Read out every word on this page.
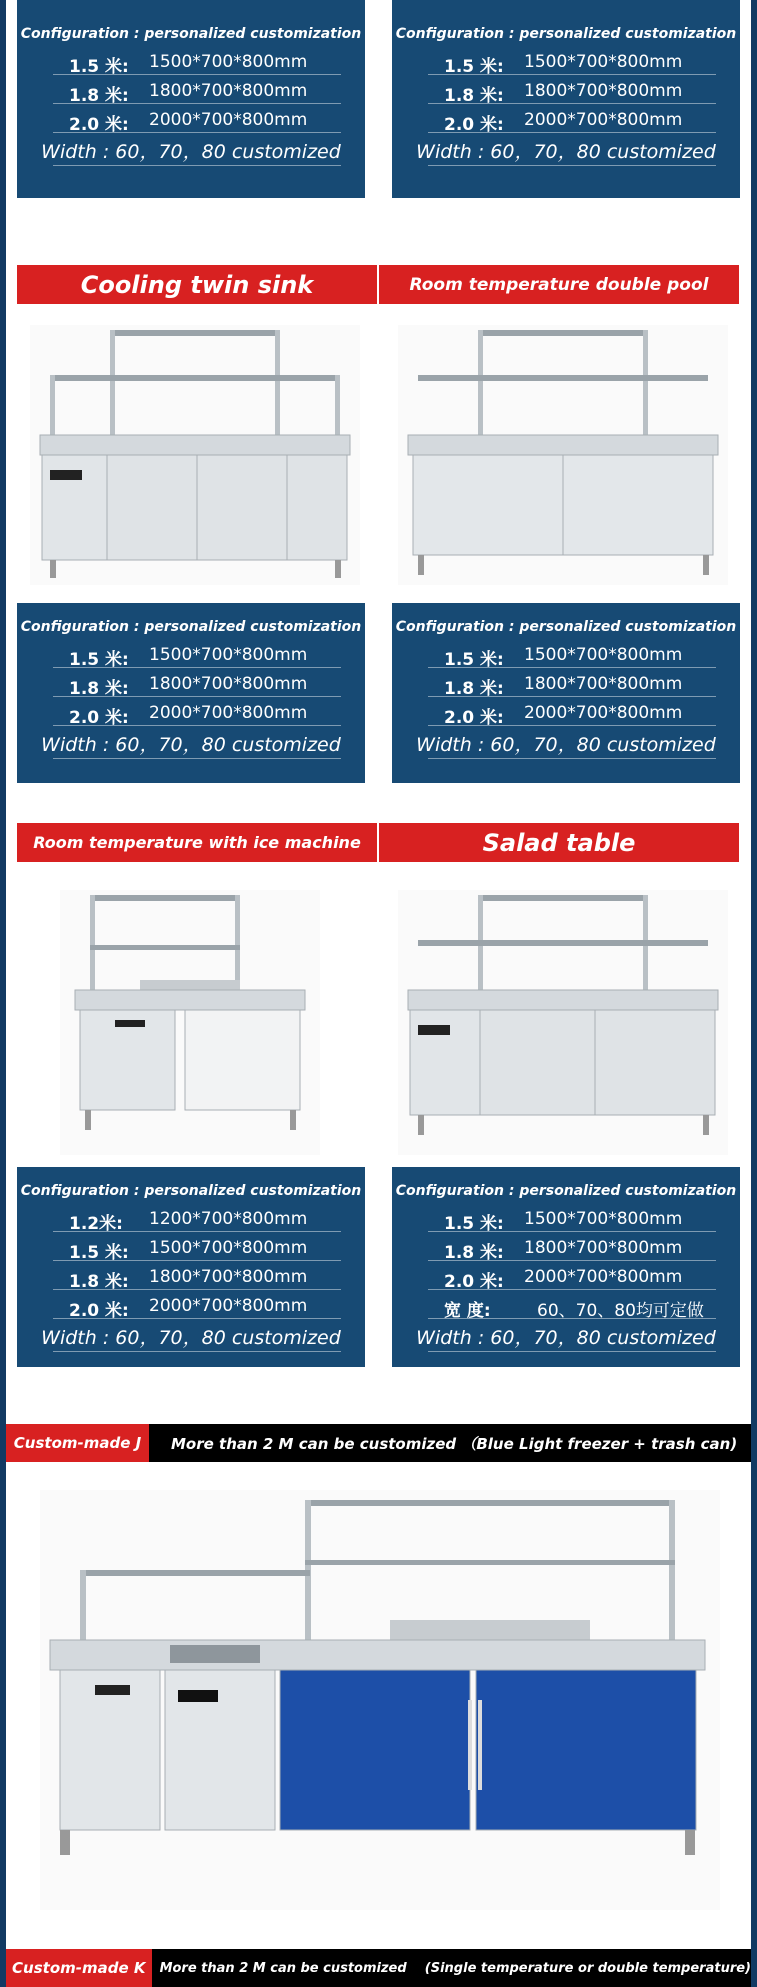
Configuration : personalized customization
1.5 米: 1500*700*800mm
1.8 米: 1800*700*800mm
2.0 米: 2000*700*800mm
Width : 60，70，80 customized
Configuration : personalized customization
1.5 米: 1500*700*800mm
1.8 米: 1800*700*800mm
2.0 米: 2000*700*800mm
Width : 60，70，80 customized
Cooling twin sink	Room temperature double pool
Configuration : personalized customization
1.5 米: 1500*700*800mm
1.8 米: 1800*700*800mm
2.0 米: 2000*700*800mm
Width : 60，70，80 customized
Configuration : personalized customization
1.5 米: 1500*700*800mm
1.8 米: 1800*700*800mm
2.0 米: 2000*700*800mm
Width : 60，70，80 customized
Room temperature with ice machine	Salad table
Configuration : personalized customization
1.2米: 1200*700*800mm
1.5 米: 1500*700*800mm
1.8 米: 1800*700*800mm
2.0 米: 2000*700*800mm
Width : 60，70，80 customized
Configuration : personalized customization
1.5 米: 1500*700*800mm
1.8 米: 1800*700*800mm
2.0 米: 2000*700*800mm
宽 度:	60、70、80均可定做
Width : 60，70，80 customized
Custom-made J	More than 2 M can be customized （Blue Light freezer + trash can)
Custom-made K	More than 2 M can be customized    (Single temperature or double temperature)
